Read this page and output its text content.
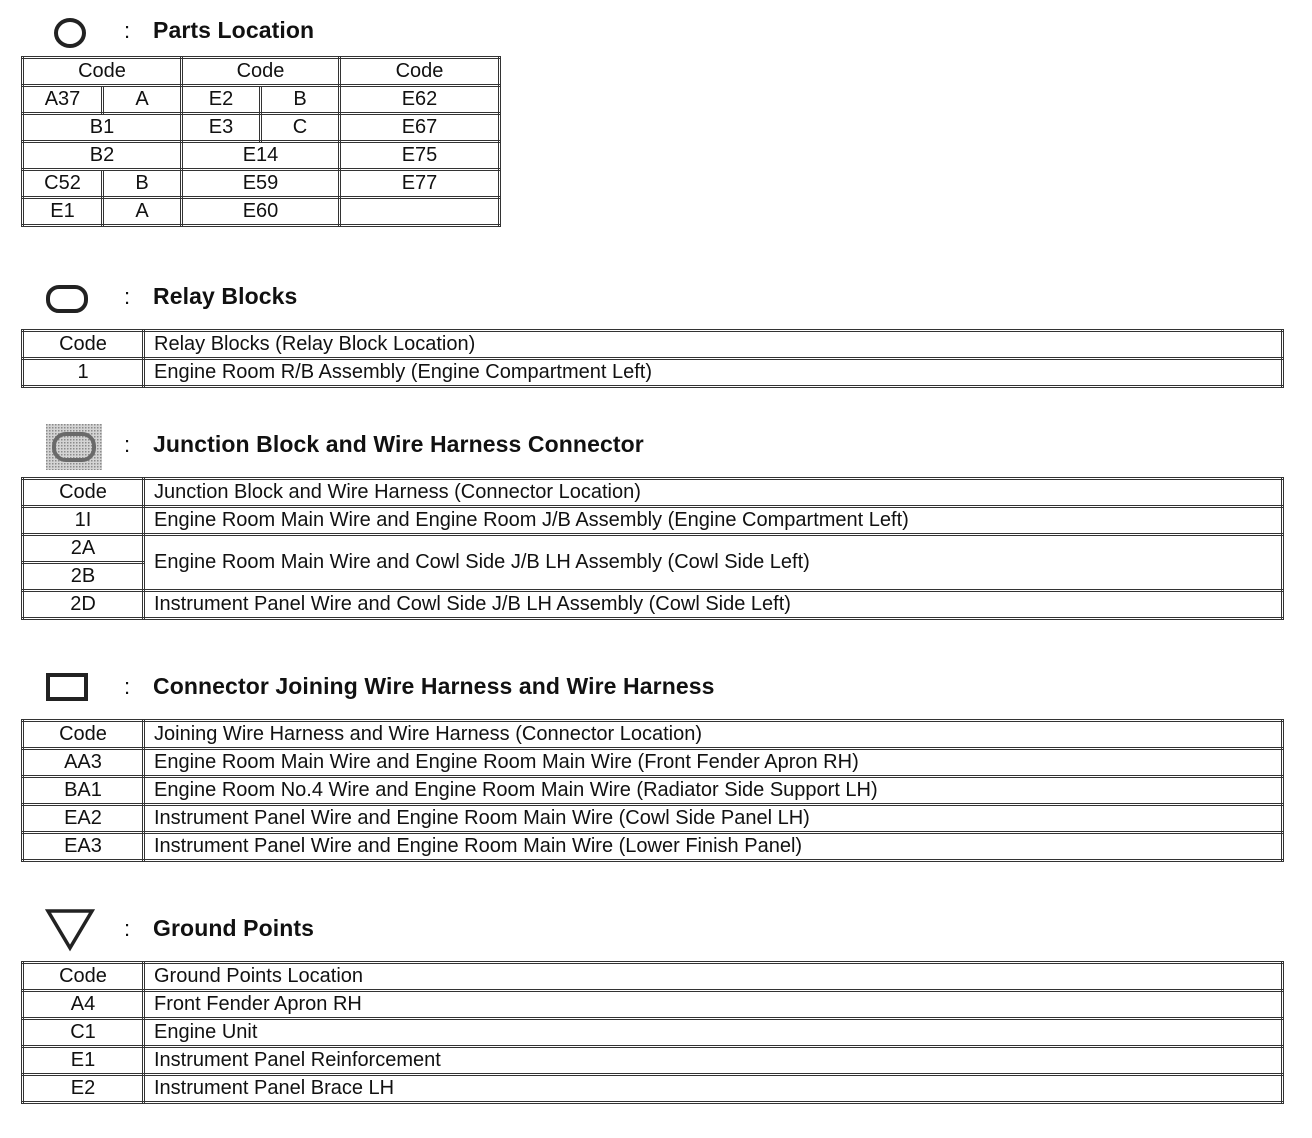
: Parts Location
Code		Code		Code
A37	A	E2	B	E62
B1		E3	C	E67
B2		E14		E75
C52	B	E59		E77
E1	A	E60		
: Relay Blocks
Code	Relay Blocks (Relay Block Location)
1	Engine Room R/B Assembly (Engine Compartment Left)
: Junction Block and Wire Harness Connector
Code	Junction Block and Wire Harness (Connector Location)
1I	Engine Room Main Wire and Engine Room J/B Assembly (Engine Compartment Left)
2A	Engine Room Main Wire and Cowl Side J/B LH Assembly (Cowl Side Left)
2B	
2D	Instrument Panel Wire and Cowl Side J/B LH Assembly (Cowl Side Left)
: Connector Joining Wire Harness and Wire Harness
Code	Joining Wire Harness and Wire Harness (Connector Location)
AA3	Engine Room Main Wire and Engine Room Main Wire (Front Fender Apron RH)
BA1	Engine Room No.4 Wire and Engine Room Main Wire (Radiator Side Support LH)
EA2	Instrument Panel Wire and Engine Room Main Wire (Cowl Side Panel LH)
EA3	Instrument Panel Wire and Engine Room Main Wire (Lower Finish Panel)
: Ground Points
Code	Ground Points Location
A4	Front Fender Apron RH
C1	Engine Unit
E1	Instrument Panel Reinforcement
E2	Instrument Panel Brace LH
